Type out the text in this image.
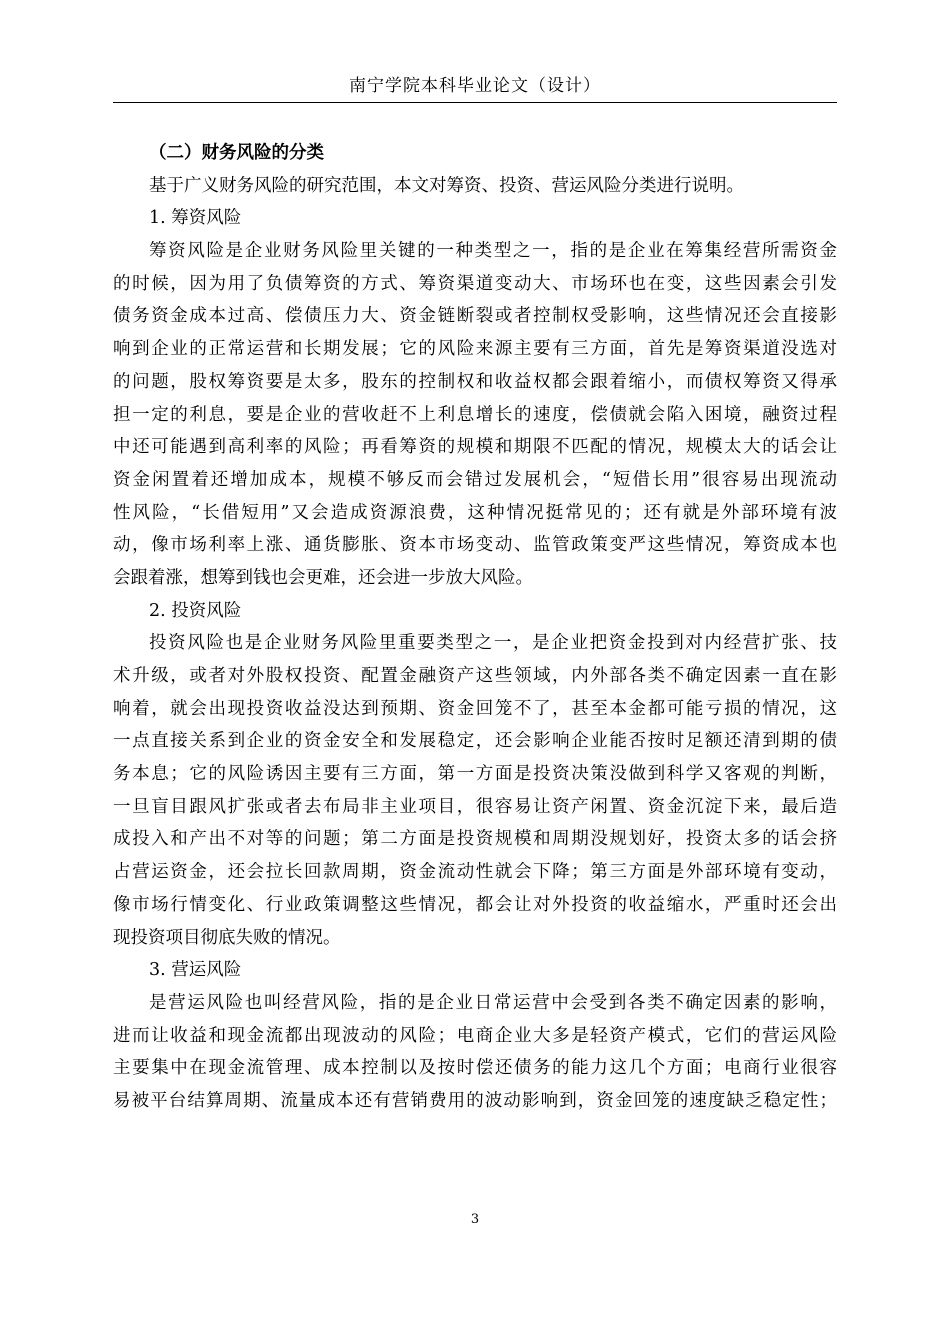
南宁学院本科毕业论文（设计）
（二）财务风险的分类
基于广义财务风险的研究范围，本文对筹资、投资、营运风险分类进行说明。
1. 筹资风险
筹资风险是企业财务风险里关键的一种类型之一，指的是企业在筹集经营所需资金
的时候，因为用了负债筹资的方式、筹资渠道变动大、市场环也在变，这些因素会引发
债务资金成本过高、偿债压力大、资金链断裂或者控制权受影响，这些情况还会直接影
响到企业的正常运营和长期发展；它的风险来源主要有三方面，首先是筹资渠道没选对
的问题，股权筹资要是太多，股东的控制权和收益权都会跟着缩小，而债权筹资又得承
担一定的利息，要是企业的营收赶不上利息增长的速度，偿债就会陷入困境，融资过程
中还可能遇到高利率的风险；再看筹资的规模和期限不匹配的情况，规模太大的话会让
资金闲置着还增加成本，规模不够反而会错过发展机会，“短借长用”很容易出现流动
性风险，“长借短用”又会造成资源浪费，这种情况挺常见的；还有就是外部环境有波
动，像市场利率上涨、通货膨胀、资本市场变动、监管政策变严这些情况，筹资成本也
会跟着涨，想筹到钱也会更难，还会进一步放大风险。
2. 投资风险
投资风险也是企业财务风险里重要类型之一，是企业把资金投到对内经营扩张、技
术升级，或者对外股权投资、配置金融资产这些领域，内外部各类不确定因素一直在影
响着，就会出现投资收益没达到预期、资金回笼不了，甚至本金都可能亏损的情况，这
一点直接关系到企业的资金安全和发展稳定，还会影响企业能否按时足额还清到期的债
务本息；它的风险诱因主要有三方面，第一方面是投资决策没做到科学又客观的判断，
一旦盲目跟风扩张或者去布局非主业项目，很容易让资产闲置、资金沉淀下来，最后造
成投入和产出不对等的问题；第二方面是投资规模和周期没规划好，投资太多的话会挤
占营运资金，还会拉长回款周期，资金流动性就会下降；第三方面是外部环境有变动，
像市场行情变化、行业政策调整这些情况，都会让对外投资的收益缩水，严重时还会出
现投资项目彻底失败的情况。
3. 营运风险
是营运风险也叫经营风险，指的是企业日常运营中会受到各类不确定因素的影响，
进而让收益和现金流都出现波动的风险；电商企业大多是轻资产模式，它们的营运风险
主要集中在现金流管理、成本控制以及按时偿还债务的能力这几个方面；电商行业很容
易被平台结算周期、流量成本还有营销费用的波动影响到，资金回笼的速度缺乏稳定性；
3
